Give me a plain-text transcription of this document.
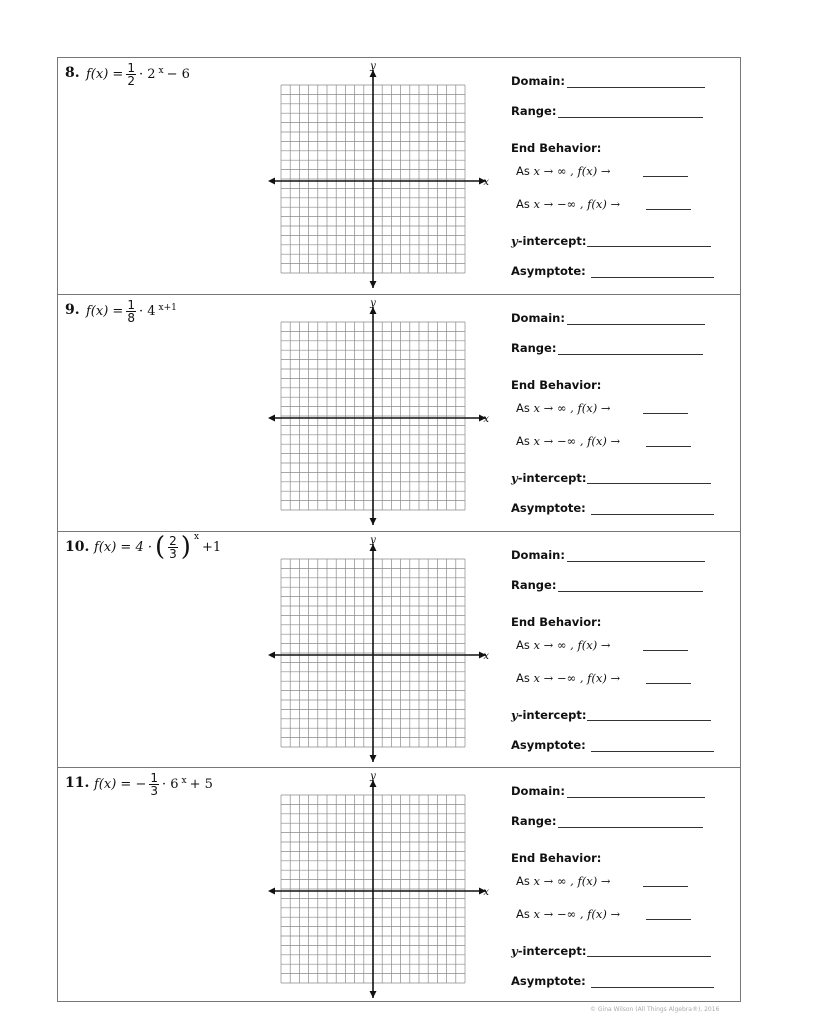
8. $f(x) = \frac{1}{2} \cdot 2$ x − 6
x
y
Domain:
Range:
End Behavior:
As x → ∞ , f(x) →
As x → −∞ , f(x) →
y-intercept:
Asymptote:
9. $f(x) = \frac{1}{8} \cdot 4$ x+1
x
y
Domain:
Range:
End Behavior:
As x → ∞ , f(x) →
As x → −∞ , f(x) →
y-intercept:
Asymptote:
10. f(x) = 4 · ( $\frac{2}{3}$ ) x
+1
x
y
Domain:
Range:
End Behavior:
As x → ∞ , f(x) →
As x → −∞ , f(x) →
y-intercept:
Asymptote:
11. f(x) = − $\frac{1}{3} \cdot 6$ x + 5
x
y
Domain:
Range:
End Behavior:
As x → ∞ , f(x) →
As x → −∞ , f(x) →
y-intercept:
Asymptote:
© Gina Wilson (All Things Algebra®), 2016
